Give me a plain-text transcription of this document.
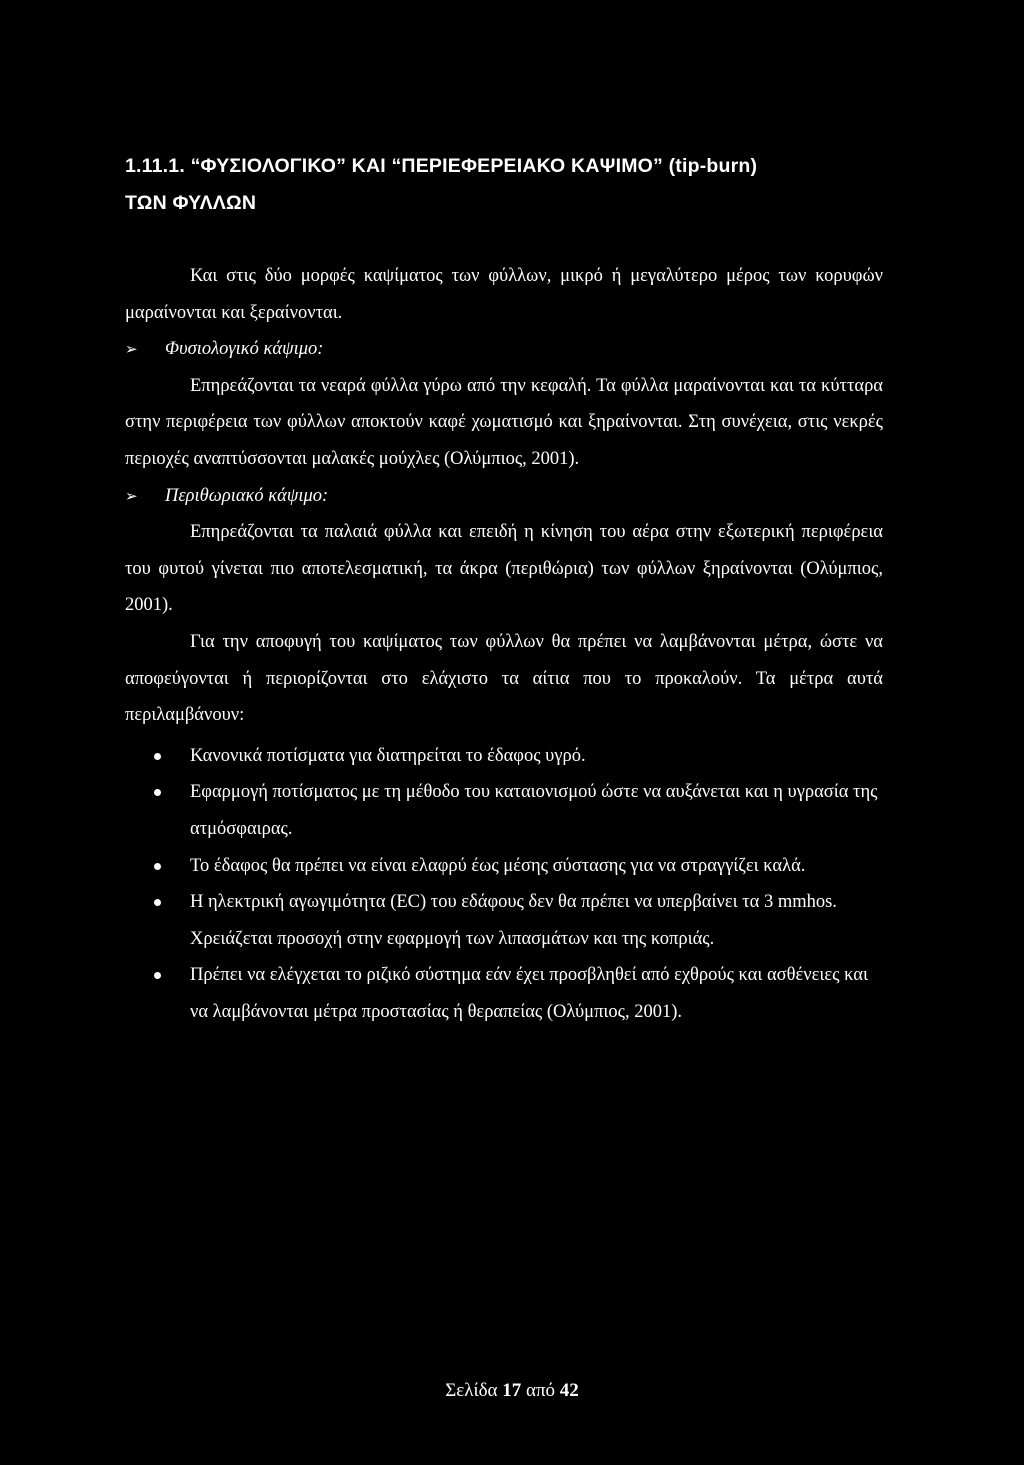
1.11.1. “ΦΥΣΙΟΛΟΓΙΚΟ” ΚΑΙ “ΠΕΡΙΕΦΕΡΕΙΑΚΟ ΚΑΨΙΜΟ” (tip-burn)
ΤΩΝ ΦΥΛΛΩΝ

Και στις δύο μορφές καψίματος των φύλλων, μικρό ή μεγαλύτερο μέρος των κορυφών μαραίνονται και ξεραίνονται.

➢	Φυσιολογικό κάψιμο:

Επηρεάζονται τα νεαρά φύλλα γύρω από την κεφαλή. Τα φύλλα μαραίνονται και τα κύτταρα στην περιφέρεια των φύλλων αποκτούν καφέ χωματισμό και ξηραίνονται. Στη συνέχεια, στις νεκρές περιοχές αναπτύσσονται μαλακές μούχλες (Ολύμπιος, 2001).

➢	Περιθωριακό κάψιμο:

Επηρεάζονται τα παλαιά φύλλα και επειδή η κίνηση του αέρα στην εξωτερική περιφέρεια του φυτού γίνεται πιο αποτελεσματική, τα άκρα (περιθώρια) των φύλλων ξηραίνονται (Ολύμπιος, 2001).

Για την αποφυγή του καψίματος των φύλλων θα πρέπει να λαμβάνονται μέτρα, ώστε να αποφεύγονται ή περιορίζονται στο ελάχιστο τα αίτια που το προκαλούν. Τα μέτρα αυτά περιλαμβάνουν:

Κανονικά ποτίσματα για διατηρείται το έδαφος υγρό.
Εφαρμογή ποτίσματος με τη μέθοδο του καταιονισμού ώστε να αυξάνεται και η υγρασία της ατμόσφαιρας.
Το έδαφος θα πρέπει να είναι ελαφρύ έως μέσης σύστασης για να στραγγίζει καλά.
Η ηλεκτρική αγωγιμότητα (EC) του εδάφους δεν θα πρέπει να υπερβαίνει τα 3 mmhos. Χρειάζεται προσοχή στην εφαρμογή των λιπασμάτων και της κοπριάς.
Πρέπει να ελέγχεται το ριζικό σύστημα εάν έχει προσβληθεί από εχθρούς και ασθένειες και να λαμβάνονται μέτρα προστασίας ή θεραπείας (Ολύμπιος, 2001).
Σελίδα 17 από 42
